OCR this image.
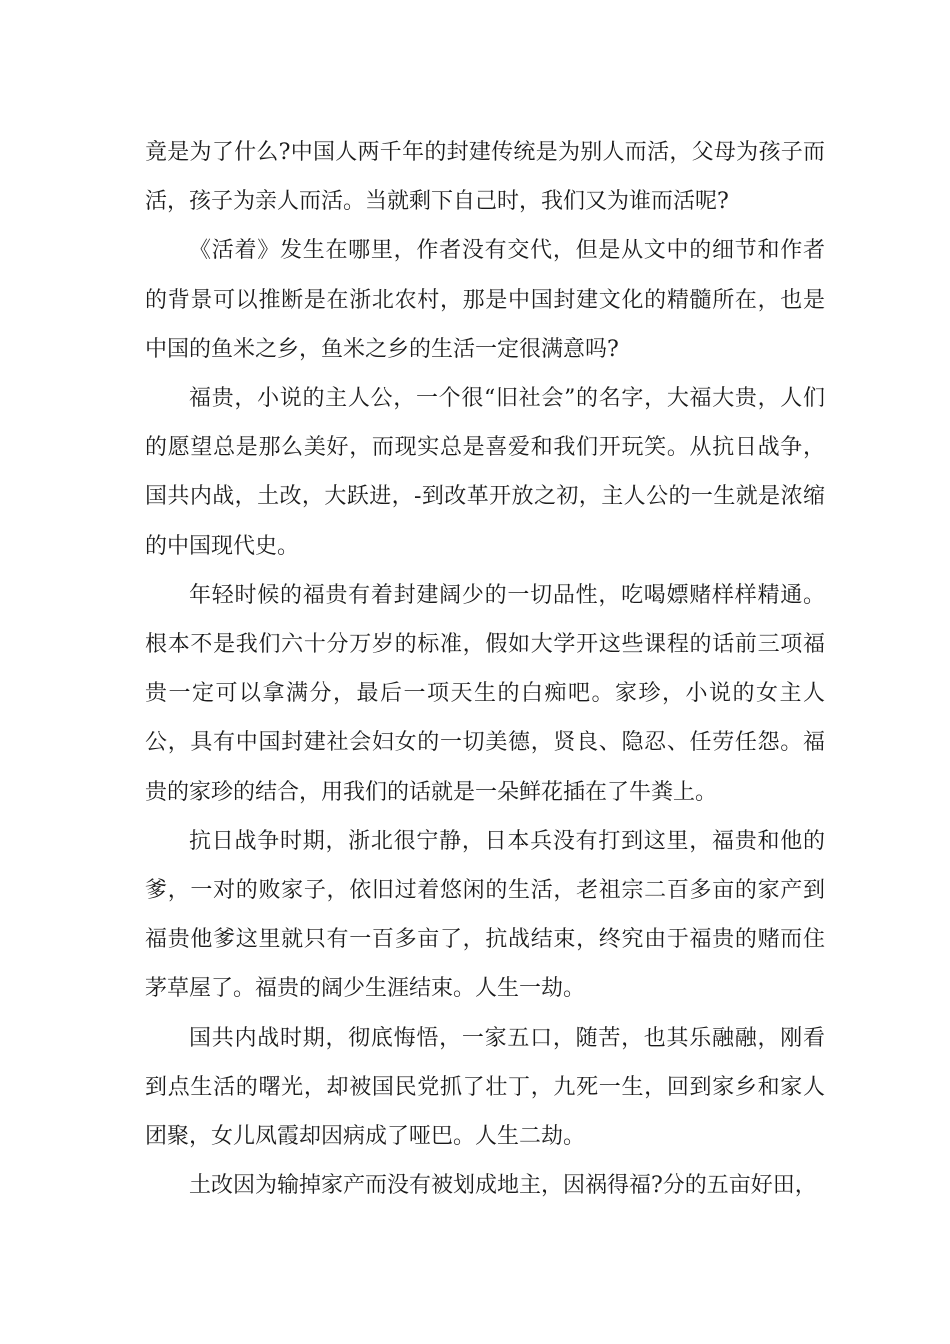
竟是为了什么?中国人两千年的封建传统是为别人而活，父母为孩子而活，孩子为亲人而活。当就剩下自己时，我们又为谁而活呢?

《活着》发生在哪里，作者没有交代，但是从文中的细节和作者的背景可以推断是在浙北农村，那是中国封建文化的精髓所在，也是中国的鱼米之乡，鱼米之乡的生活一定很满意吗?

福贵，小说的主人公，一个很“旧社会”的名字，大福大贵，人们的愿望总是那么美好，而现实总是喜爱和我们开玩笑。从抗日战争，国共内战，土改，大跃进，-到改革开放之初，主人公的一生就是浓缩的中国现代史。

年轻时候的福贵有着封建阔少的一切品性，吃喝嫖赌样样精通。根本不是我们六十分万岁的标准，假如大学开这些课程的话前三项福贵一定可以拿满分，最后一项天生的白痴吧。家珍，小说的女主人公，具有中国封建社会妇女的一切美德，贤良、隐忍、任劳任怨。福贵的家珍的结合，用我们的话就是一朵鲜花插在了牛粪上。

抗日战争时期，浙北很宁静，日本兵没有打到这里，福贵和他的爹，一对的败家子，依旧过着悠闲的生活，老祖宗二百多亩的家产到福贵他爹这里就只有一百多亩了，抗战结束，终究由于福贵的赌而住茅草屋了。福贵的阔少生涯结束。人生一劫。

国共内战时期，彻底悔悟，一家五口，随苦，也其乐融融，刚看到点生活的曙光，却被国民党抓了壮丁，九死一生，回到家乡和家人团聚，女儿凤霞却因病成了哑巴。人生二劫。

土改因为输掉家产而没有被划成地主，因祸得福?分的五亩好田，
